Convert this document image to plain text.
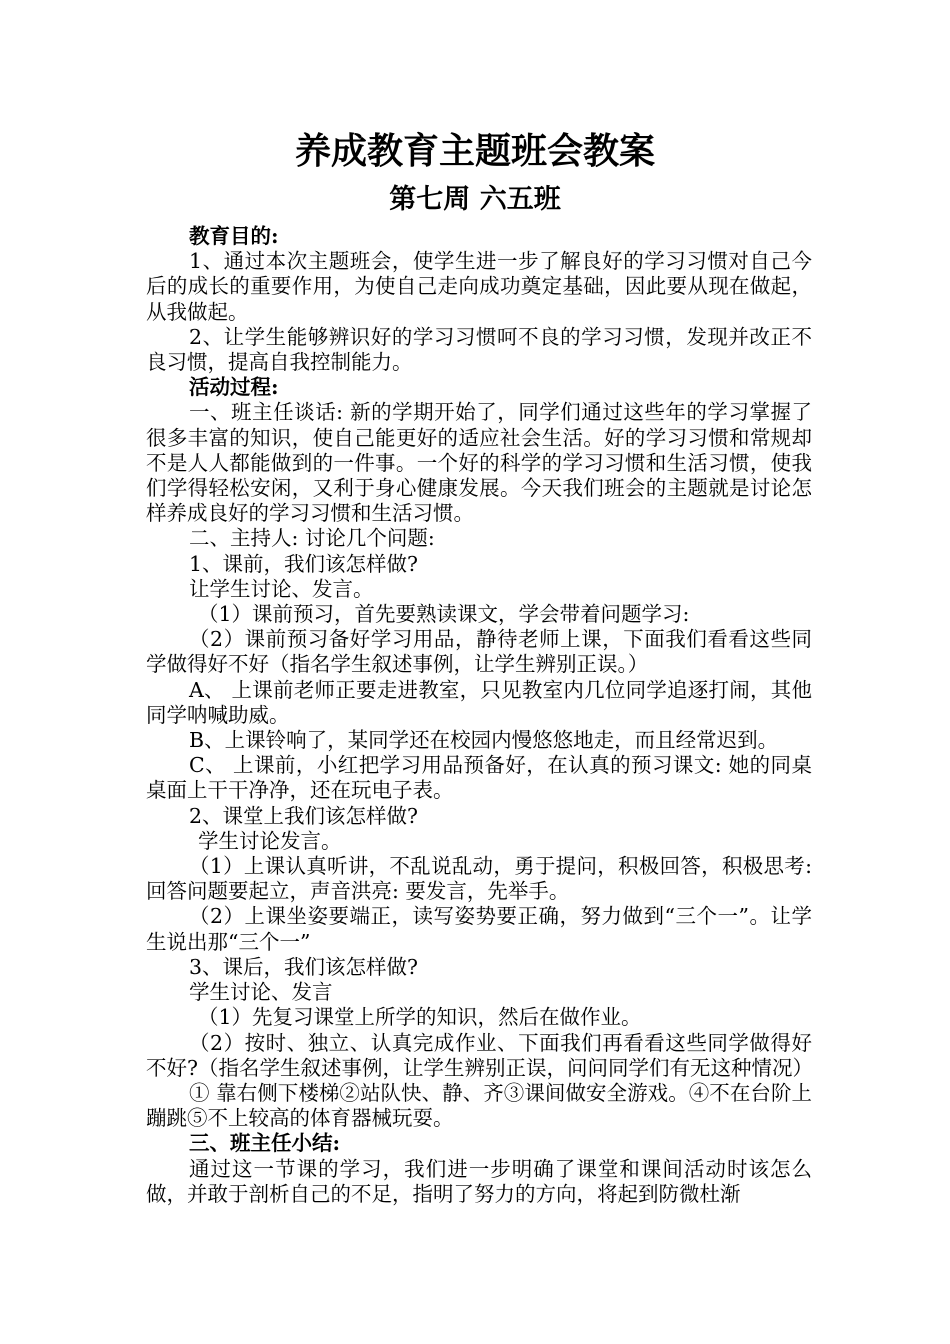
养成教育主题班会教案
第七周 六五班

教育目的:

1、通过本次主题班会，使学生进一步了解良好的学习习惯对自己今后的成长的重要作用，为使自己走向成功奠定基础，因此要从现在做起，从我做起。

2、让学生能够辨识好的学习习惯呵不良的学习习惯，发现并改正不良习惯，提高自我控制能力。

活动过程:

一、班主任谈话: 新的学期开始了，同学们通过这些年的学习掌握了很多丰富的知识，使自己能更好的适应社会生活。好的学习习惯和常规却不是人人都能做到的一件事。一个好的科学的学习习惯和生活习惯，使我们学得轻松安闲，又利于身心健康发展。今天我们班会的主题就是讨论怎样养成良好的学习习惯和生活习惯。

二、主持人: 讨论几个问题:

1、课前，我们该怎样做?

让学生讨论、发言。

（1）课前预习，首先要熟读课文，学会带着问题学习:

（2）课前预习备好学习用品，静待老师上课，下面我们看看这些同学做得好不好（指名学生叙述事例，让学生辨别正误。）

A、 上课前老师正要走进教室，只见教室内几位同学追逐打闹，其他同学呐喊助威。

B、上课铃响了，某同学还在校园内慢悠悠地走，而且经常迟到。

C、 上课前，小红把学习用品预备好，在认真的预习课文: 她的同桌桌面上干干净净，还在玩电子表。

2、课堂上我们该怎样做?

学生讨论发言。

（1）上课认真听讲，不乱说乱动，勇于提问，积极回答，积极思考: 回答问题要起立，声音洪亮: 要发言，先举手。

（2）上课坐姿要端正，读写姿势要正确，努力做到“三个一”。让学生说出那“三个一”

3、课后，我们该怎样做?

学生讨论、发言

（1）先复习课堂上所学的知识，然后在做作业。

（2）按时、独立、认真完成作业、下面我们再看看这些同学做得好不好?（指名学生叙述事例，让学生辨别正误，问问同学们有无这种情况）

① 靠右侧下楼梯②站队快、静、齐③课间做安全游戏。④不在台阶上蹦跳⑤不上较高的体育器械玩耍。

三、班主任小结:

通过这一节课的学习，我们进一步明确了课堂和课间活动时该怎么做，并敢于剖析自己的不足，指明了努力的方向，将起到防微杜渐
